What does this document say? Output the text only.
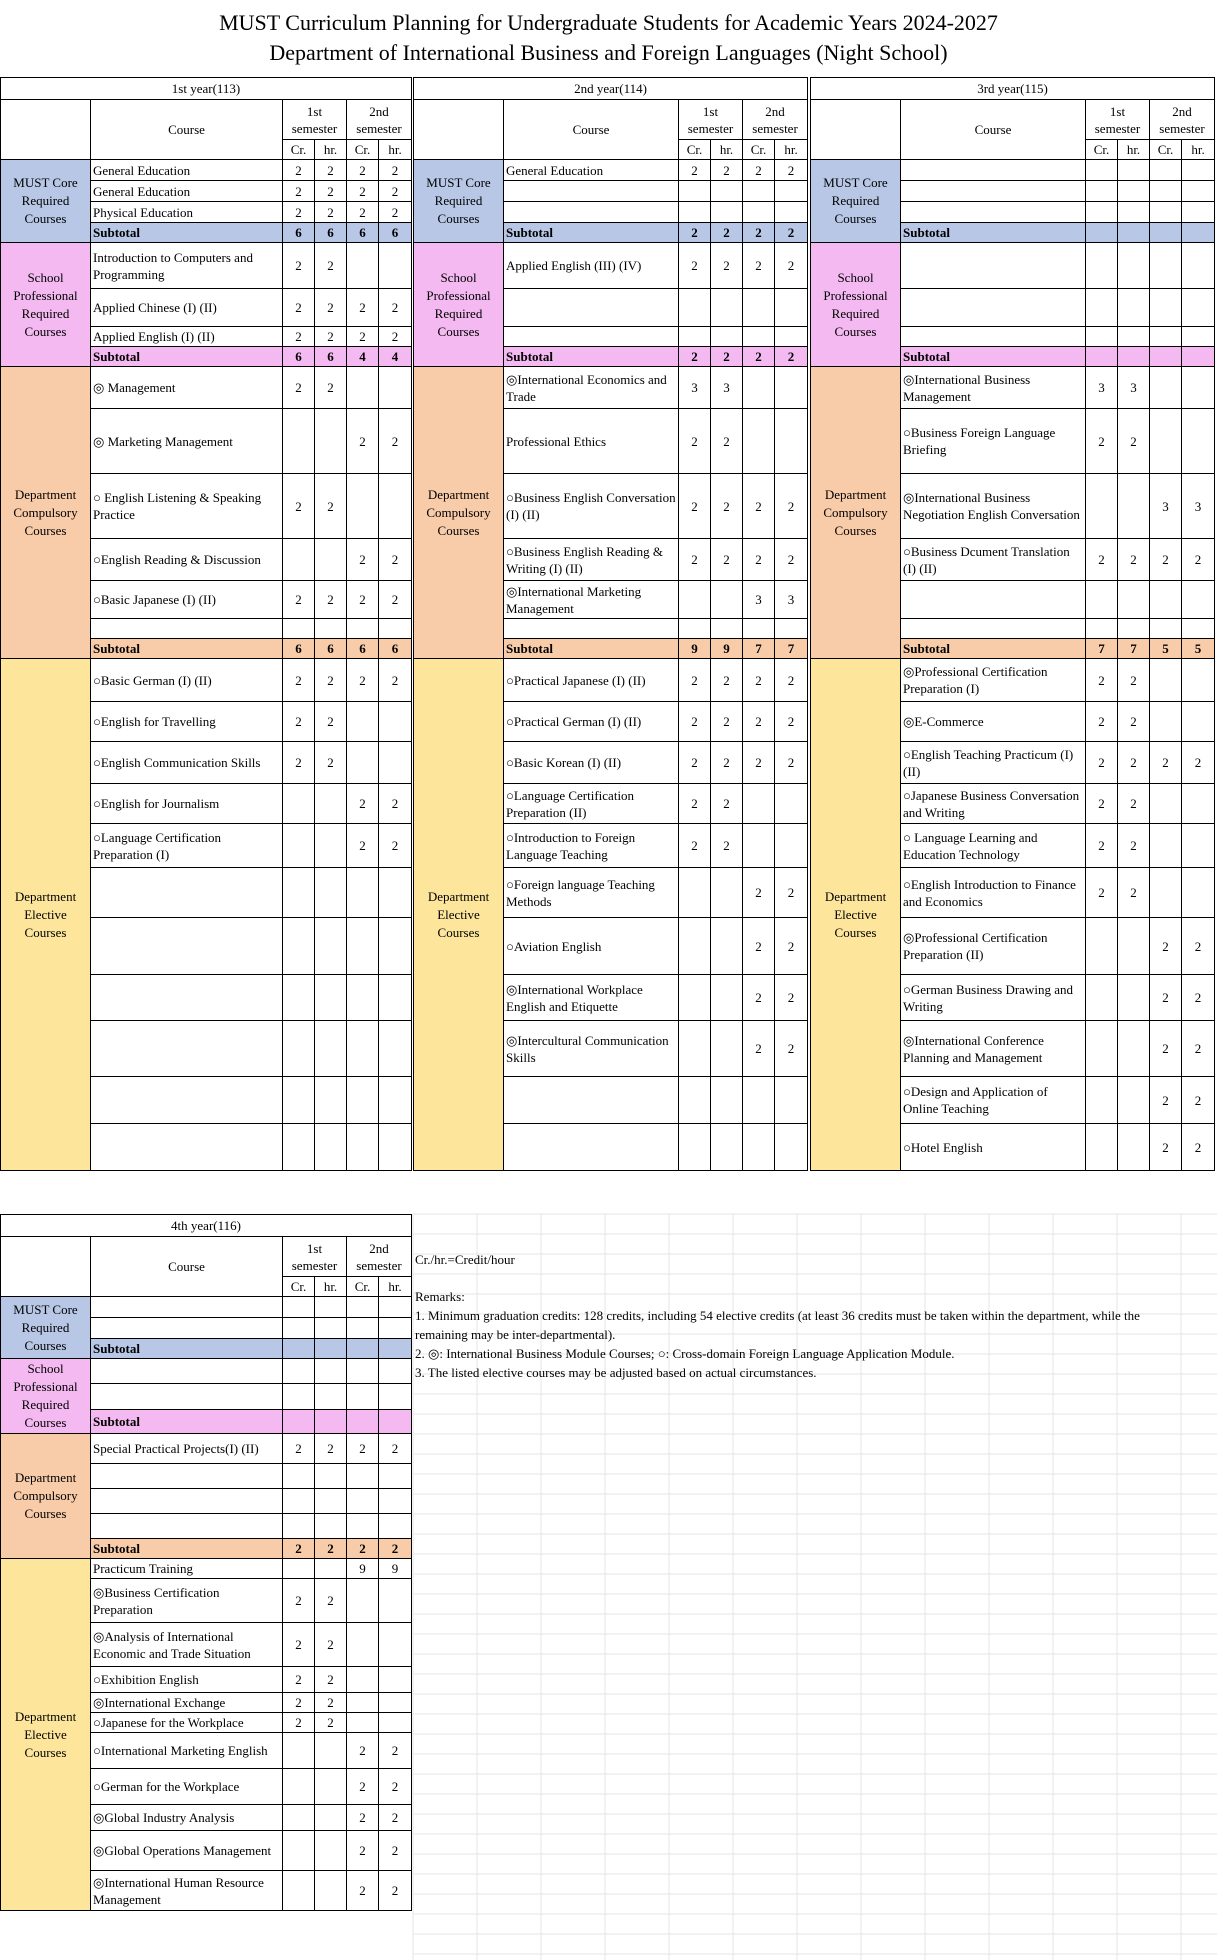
MUST Curriculum Planning for Undergraduate Students for Academic Years 2024-2027
Department of International Business and Foreign Languages (Night School)
1st year(113)					
	Course	1st semester		2nd semester	
		Cr.	hr.	Cr.	hr.
MUST Core Required Courses	General Education	2	2	2	2
	General Education	2	2	2	2
	Physical Education	2	2	2	2
	Subtotal	6	6	6	6
School Professional Required Courses	Introduction to Computers and Programming	2	2		
	Applied Chinese (I) (II)	2	2	2	2
	Applied English (I) (II)	2	2	2	2
	Subtotal	6	6	4	4
Department Compulsory Courses	◎ Management	2	2		
	◎ Marketing Management			2	2
	○ English Listening & Speaking Practice	2	2		
	○English Reading & Discussion			2	2
	○Basic Japanese (I) (II)	2	2	2	2

	Subtotal	6	6	6	6
Department Elective Courses	○Basic German (I) (II)	2	2	2	2
	○English for Travelling	2	2		
	○English Communication Skills	2	2		
	○English for Journalism			2	2
	○Language Certification Preparation (I)			2	2

2nd year(114)					
	Course	1st semester		2nd semester	
		Cr.	hr.	Cr.	hr.
MUST Core Required Courses	General Education	2	2	2	2

	Subtotal	2	2	2	2
School Professional Required Courses	Applied English (III) (IV)	2	2	2	2

	Subtotal	2	2	2	2
Department Compulsory Courses	◎International Economics and Trade	3	3		
	Professional Ethics	2	2		
	○Business English Conversation (I) (II)	2	2	2	2
	○Business English Reading & Writing (I) (II)	2	2	2	2
	◎International Marketing Management			3	3

	Subtotal	9	9	7	7
Department Elective Courses	○Practical Japanese (I) (II)	2	2	2	2
	○Practical German (I) (II)	2	2	2	2
	○Basic Korean (I) (II)	2	2	2	2
	○Language Certification Preparation (II)	2	2		
	○Introduction to Foreign Language Teaching	2	2		
	○Foreign language Teaching Methods			2	2
	○Aviation English			2	2
	◎International Workplace English and Etiquette			2	2
	◎Intercultural Communication Skills			2	2

3rd year(115)					
	Course	1st semester		2nd semester	
		Cr.	hr.	Cr.	hr.
MUST Core Required Courses					

	Subtotal				
School Professional Required Courses					

	Subtotal				
Department Compulsory Courses	◎International Business Management	3	3		
	○Business Foreign Language Briefing	2	2		
	◎International Business Negotiation English Conversation			3	3
	○Business Dcument Translation (I) (II)	2	2	2	2

	Subtotal	7	7	5	5
Department Elective Courses	◎Professional Certification Preparation (I)	2	2		
	◎E-Commerce	2	2		
	○English Teaching Practicum (I) (II)	2	2	2	2
	○Japanese Business Conversation and Writing	2	2		
	○ Language Learning and Education Technology	2	2		
	○English Introduction to Finance and Economics	2	2		
	◎Professional Certification Preparation (II)			2	2
	○German Business Drawing and Writing			2	2
	◎International Conference Planning and Management			2	2
	○Design and Application of Online Teaching			2	2
	○Hotel English			2	2
4th year(116)					
	Course	1st semester		2nd semester	
		Cr.	hr.	Cr.	hr.
MUST Core Required Courses					

	Subtotal				
School Professional Required Courses					

	Subtotal				
Department Compulsory Courses	Special Practical Projects(I) (II)	2	2	2	2

	Subtotal	2	2	2	2
Department Elective Courses	Practicum Training			9	9
	◎Business Certification Preparation	2	2		
	◎Analysis of International Economic and Trade Situation	2	2		
	○Exhibition English	2	2		
	◎International Exchange	2	2		
	○Japanese for the Workplace	2	2		
	○International Marketing English			2	2
	○German for the Workplace			2	2
	◎Global Industry Analysis			2	2
	◎Global Operations Management			2	2
	◎International Human Resource Management			2	2
Cr./hr.=Credit/hour
Remarks:
1. Minimum graduation credits: 128 credits, including 54 elective credits (at least 36 credits must be taken within the department, while the remaining may be inter-departmental).
2. ◎: International Business Module Courses; ○: Cross-domain Foreign Language Application Module.
3. The listed elective courses may be adjusted based on actual circumstances.
